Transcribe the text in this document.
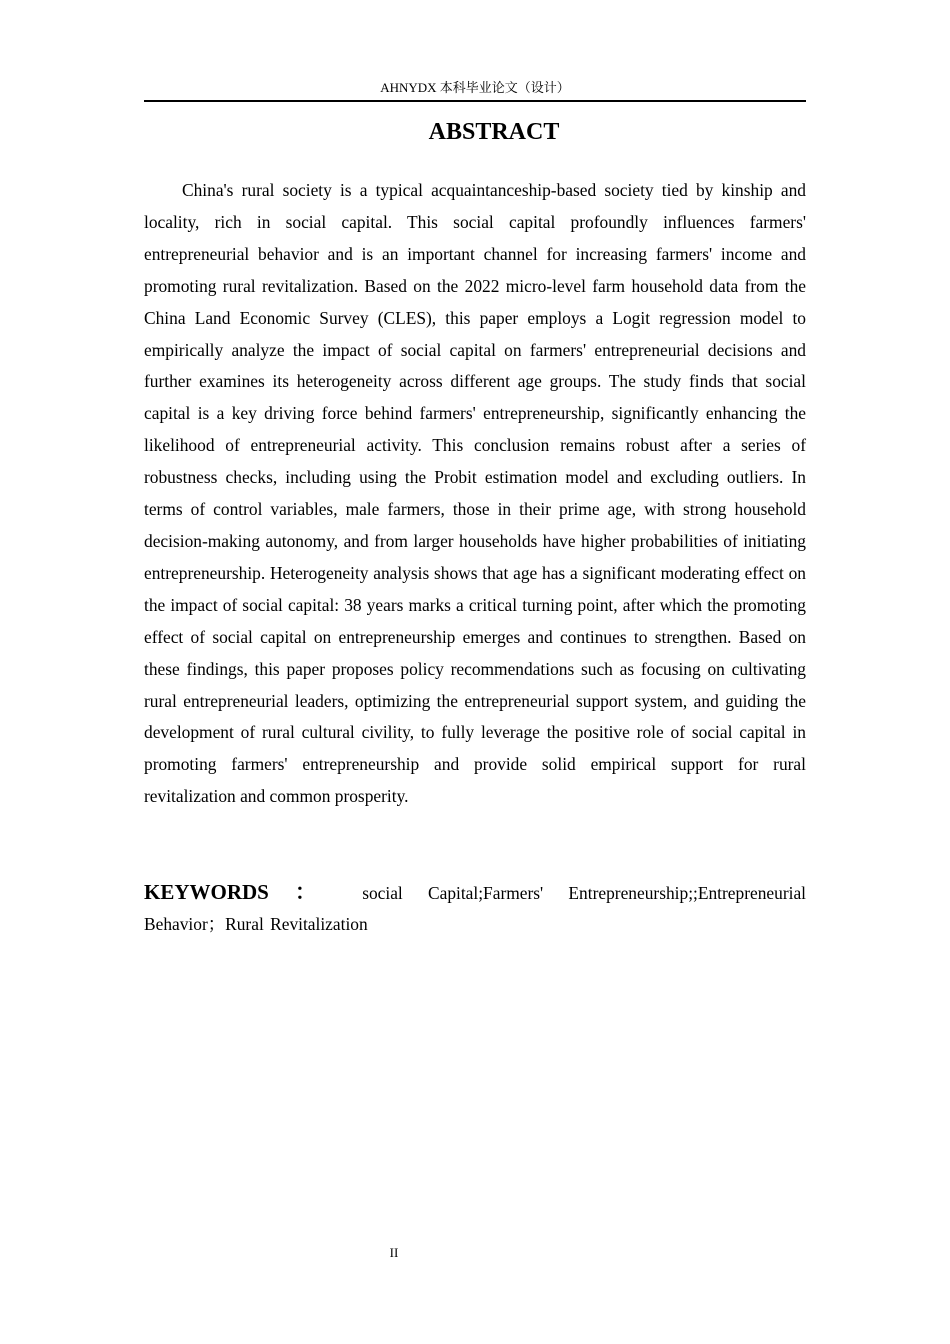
AHNYDX 本科毕业论文（设计）
ABSTRACT

China's rural society is a typical acquaintanceship-based society tied by kinship and locality, rich in social capital. This social capital profoundly influences farmers' entrepreneurial behavior and is an important channel for increasing farmers' income and promoting rural revitalization. Based on the 2022 micro-level farm household data from the China Land Economic Survey (CLES), this paper employs a Logit regression model to empirically analyze the impact of social capital on farmers' entrepreneurial decisions and further examines its heterogeneity across different age groups. The study finds that social capital is a key driving force behind farmers' entrepreneurship, significantly enhancing the likelihood of entrepreneurial activity. This conclusion remains robust after a series of robustness checks, including using the Probit estimation model and excluding outliers. In terms of control variables, male farmers, those in their prime age, with strong household decision-making autonomy, and from larger households have higher probabilities of initiating entrepreneurship. Heterogeneity analysis shows that age has a significant moderating effect on the impact of social capital: 38 years marks a critical turning point, after which the promoting effect of social capital on entrepreneurship emerges and continues to strengthen. Based on these findings, this paper proposes policy recommendations such as focusing on cultivating rural entrepreneurial leaders, optimizing the entrepreneurial support system, and guiding the development of rural cultural civility, to fully leverage the positive role of social capital in promoting farmers' entrepreneurship and provide solid empirical support for rural revitalization and common prosperity.

KEYWORDS ： social Capital;Farmers' Entrepreneurship;;Entrepreneurial

Behavior；Rural Revitalization

II
